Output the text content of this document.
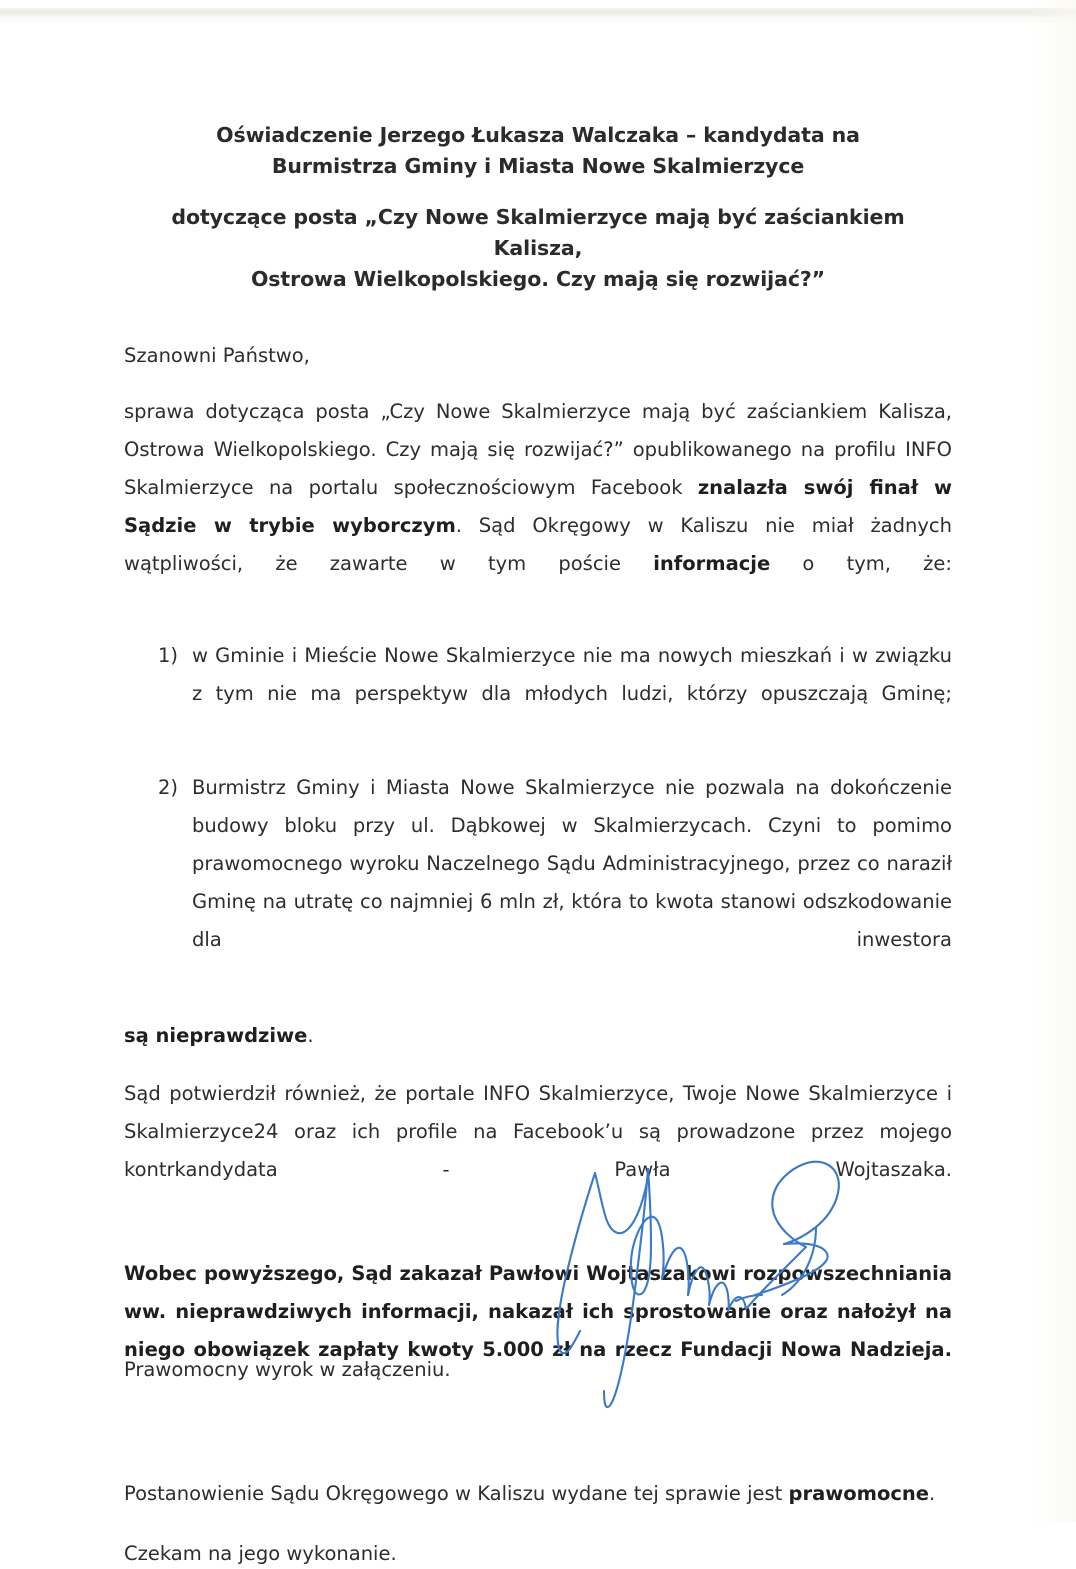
Oświadczenie Jerzego Łukasza Walczaka – kandydata na
Burmistrza Gminy i Miasta Nowe Skalmierzyce
dotyczące posta „Czy Nowe Skalmierzyce mają być zaściankiem Kalisza,
Ostrowa Wielkopolskiego. Czy mają się rozwijać?”
Szanowni Państwo,

sprawa dotycząca posta „Czy Nowe Skalmierzyce mają być zaściankiem Kalisza, Ostrowa Wielkopolskiego. Czy mają się rozwijać?” opublikowanego na profilu INFO Skalmierzyce na portalu społecznościowym Facebook znalazła swój finał w Sądzie w trybie wyborczym. Sąd Okręgowy w Kaliszu nie miał żadnych wątpliwości, że zawarte w tym poście informacje o tym, że:

w Gminie i Mieście Nowe Skalmierzyce nie ma nowych mieszkań i w związku z tym nie ma perspektyw dla młodych ludzi, którzy opuszczają Gminę;
Burmistrz Gminy i Miasta Nowe Skalmierzyce nie pozwala na dokończenie budowy bloku przy ul. Dąbkowej w Skalmierzycach. Czyni to pomimo prawomocnego wyroku Naczelnego Sądu Administracyjnego, przez co naraził Gminę na utratę co najmniej 6 mln zł, która to kwota stanowi odszkodowanie dla inwestora
są nieprawdziwe.

Sąd potwierdził również, że portale INFO Skalmierzyce, Twoje Nowe Skalmierzyce i Skalmierzyce24 oraz ich profile na Facebook’u są prowadzone przez mojego kontrkandydata - Pawła Wojtaszaka.

Wobec powyższego, Sąd zakazał Pawłowi Wojtaszakowi rozpowszechniania ww. nieprawdziwych informacji, nakazał ich sprostowanie oraz nałożył na niego obowiązek zapłaty kwoty 5.000 zł na rzecz Fundacji Nowa Nadzieja.

Postanowienie Sądu Okręgowego w Kaliszu wydane tej sprawie jest prawomocne.
Czekam na jego wykonanie.
Prawomocny wyrok w załączeniu.
